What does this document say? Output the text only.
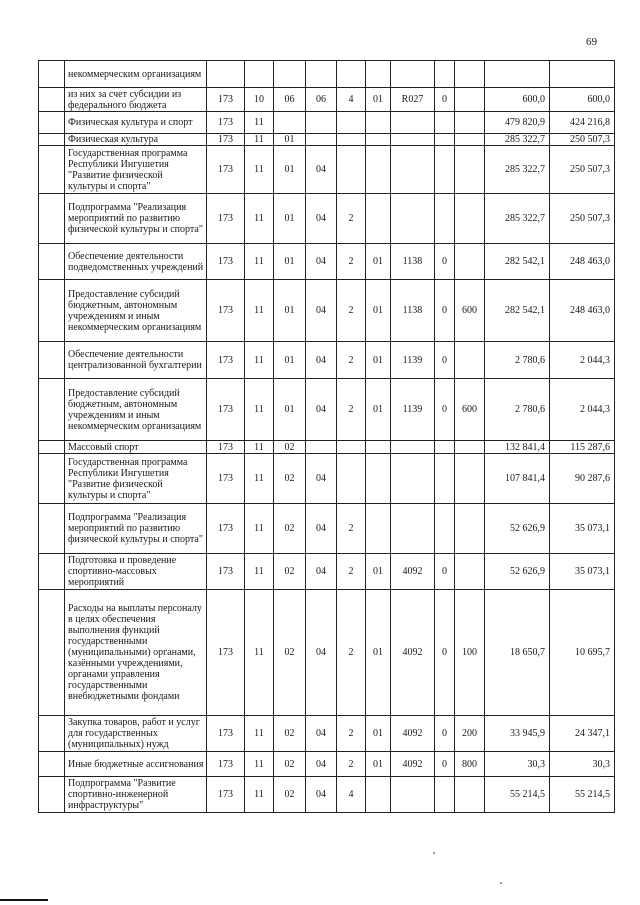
69
	некоммерческим организациям											
	из них за счет субсидии из федерального бюджета	173	10	06	06	4	01	R027	0		600,0	600,0
	Физическая культура и спорт	173	11								479 820,9	424 216,8
	Физическая культура	173	11	01							285 322,7	250 507,3
	Государственная программа Республики Ингушетия "Развитие физической культуры и спорта"	173	11	01	04						285 322,7	250 507,3
	Подпрограмма "Реализация мероприятий по развитию физической культуры и спорта"	173	11	01	04	2					285 322,7	250 507,3
	Обеспечение деятельности подведомственных учреждений	173	11	01	04	2	01	1138	0		282 542,1	248 463,0
	Предоставление субсидий бюджетным, автономным учреждениям и иным некоммерческим организациям	173	11	01	04	2	01	1138	0	600	282 542,1	248 463,0
	Обеспечение деятельности централизованной бухгалтерии	173	11	01	04	2	01	1139	0		2 780,6	2 044,3
	Предоставление субсидий бюджетным, автономным учреждениям и иным некоммерческим организациям	173	11	01	04	2	01	1139	0	600	2 780,6	2 044,3
	Массовый спорт	173	11	02							132 841,4	115 287,6
	Государственная программа Республики Ингушетия "Развитие физической культуры и спорта"	173	11	02	04						107 841,4	90 287,6
	Подпрограмма "Реализация мероприятий по развитию физической культуры и спорта"	173	11	02	04	2					52 626,9	35 073,1
	Подготовка и проведение спортивно-массовых мероприятий	173	11	02	04	2	01	4092	0		52 626,9	35 073,1
	Расходы на выплаты персоналу в целях обеспечения выполнения функций государственными (муниципальными) органами, казёнными учреждениями, органами управления государственными внебюджетными фондами	173	11	02	04	2	01	4092	0	100	18 650,7	10 695,7
	Закупка товаров, работ и услуг для государственных (муниципальных) нужд	173	11	02	04	2	01	4092	0	200	33 945,9	24 347,1
	Иные бюджетные ассигнования	173	11	02	04	2	01	4092	0	800	30,3	30,3
	Подпрограмма "Развитие спортивно-инженерной инфраструктуры"	173	11	02	04	4					55 214,5	55 214,5
